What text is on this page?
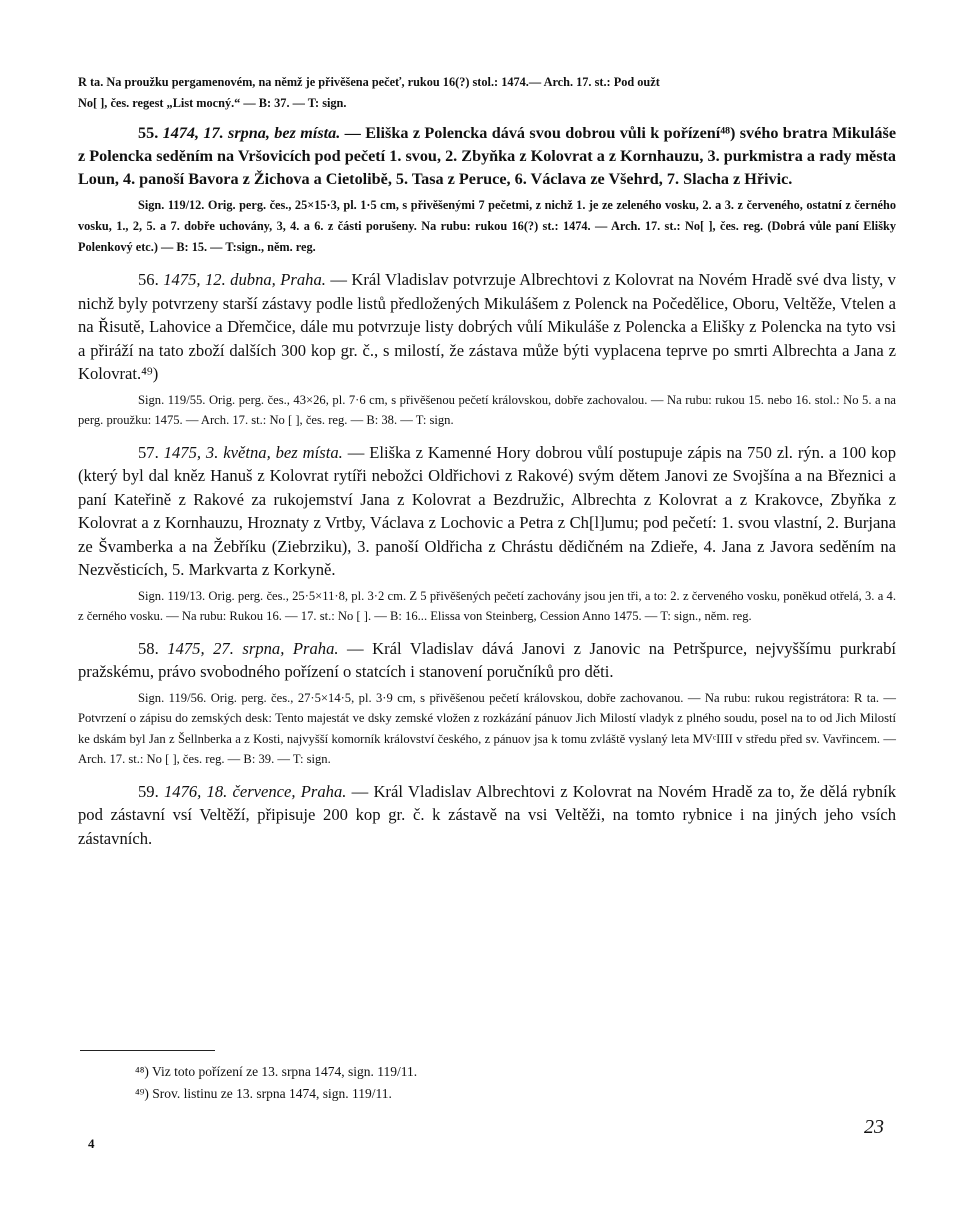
R ta. Na proužku pergamenovém, na němž je přivěšena pečeť, rukou 16(?) stol.: 1474.— Arch. 17. st.: Pod oužt
No[ ], čes. regest „List mocný.“ — B: 37. — T: sign.

55. 1474, 17. srpna, bez místa. — Eliška z Polencka dává svou dobrou vůli k pořízení⁴⁸) svého bratra Mikuláše z Polencka seděním na Vršovicích pod pečetí 1. svou, 2. Zbyňka z Kolovrat a z Kornhauzu, 3. purkmistra a rady města Loun, 4. panoší Bavora z Žichova a Cietolibě, 5. Tasa z Peruce, 6. Václava ze Všehrd, 7. Slacha z Hřivic.

Sign. 119/12. Orig. perg. čes., 25×15·3, pl. 1·5 cm, s přivěšenými 7 pečetmi, z nichž 1. je ze zeleného vosku, 2. a 3. z červeného, ostatní z černého vosku, 1., 2, 5. a 7. dobře uchovány, 3, 4. a 6. z části porušeny. Na rubu: rukou 16(?) st.: 1474. — Arch. 17. st.: No[ ], čes. reg. (Dobrá vůle paní Elišky Polenkový etc.) — B: 15. — T:sign., něm. reg.

56. 1475, 12. dubna, Praha. — Král Vladislav potvrzuje Albrechtovi z Kolovrat na Novém Hradě své dva listy, v nichž byly potvrzeny starší zástavy podle listů předložených Mikulášem z Polenck na Počedělice, Oboru, Veltěže, Vtelen a na Řisutě, Lahovice a Dřemčice, dále mu potvrzuje listy dobrých vůlí Mikuláše z Polencka a Elišky z Polencka na tyto vsi a přiráží na tato zboží dalších 300 kop gr. č., s milostí, že zástava může býti vyplacena teprve po smrti Albrechta a Jana z Kolovrat.⁴⁹)

Sign. 119/55. Orig. perg. čes., 43×26, pl. 7·6 cm, s přivěšenou pečetí královskou, dobře zachovalou. — Na rubu: rukou 15. nebo 16. stol.: No 5. a na perg. proužku: 1475. — Arch. 17. st.: No [ ], čes. reg. — B: 38. — T: sign.

57. 1475, 3. května, bez místa. — Eliška z Kamenné Hory dobrou vůlí postupuje zápis na 750 zl. rýn. a 100 kop (který byl dal kněz Hanuš z Kolovrat rytíři nebožci Oldřichovi z Rakové) svým dětem Janovi ze Svojšína a na Březnici a paní Kateřině z Rakové za rukojemství Jana z Kolovrat a Bezdružic, Albrechta z Kolovrat a z Krakovce, Zbyňka z Kolovrat a z Kornhauzu, Hroznaty z Vrtby, Václava z Lochovic a Petra z Ch[l]umu; pod pečetí: 1. svou vlastní, 2. Burjana ze Švamberka a na Žebříku (Ziebrziku), 3. panoší Oldřicha z Chrástu dědičném na Zdieře, 4. Jana z Javora seděním na Nezvěsticích, 5. Markvarta z Korkyně.

Sign. 119/13. Orig. perg. čes., 25·5×11·8, pl. 3·2 cm. Z 5 přivěšených pečetí zachovány jsou jen tři, a to: 2. z červeného vosku, poněkud otřelá, 3. a 4. z černého vosku. — Na rubu: Rukou 16. — 17. st.: No [ ]. — B: 16... Elissa von Steinberg, Cession Anno 1475. — T: sign., něm. reg.

58. 1475, 27. srpna, Praha. — Král Vladislav dává Janovi z Janovic na Petršpurce, nejvyššímu purkrabí pražskému, právo svobodného pořízení o statcích i stanovení poručníků pro děti.

Sign. 119/56. Orig. perg. čes., 27·5×14·5, pl. 3·9 cm, s přivěšenou pečetí královskou, dobře zachovanou. — Na rubu: rukou registrátora: R ta. — Potvrzení o zápisu do zemských desk: Tento majestát ve dsky zemské vložen z rozkázání pánuov Jich Milostí vladyk z plného soudu, posel na to od Jich Milostí ke dskám byl Jan z Šellnberka a z Kosti, najvyšší komorník království českého, z pánuov jsa k tomu zvláště vyslaný leta MVᶜIIII v středu před sv. Vavřincem. — Arch. 17. st.: No [ ], čes. reg. — B: 39. — T: sign.

59. 1476, 18. července, Praha. — Král Vladislav Albrechtovi z Kolovrat na Novém Hradě za to, že dělá rybník pod zástavní vsí Veltěží, připisuje 200 kop gr. č. k zástavě na vsi Veltěži, na tomto rybnice i na jiných jeho vsích zástavních.

⁴⁸) Viz toto pořízení ze 13. srpna 1474, sign. 119/11.
⁴⁹) Srov. listinu ze 13. srpna 1474, sign. 119/11.
4
23
